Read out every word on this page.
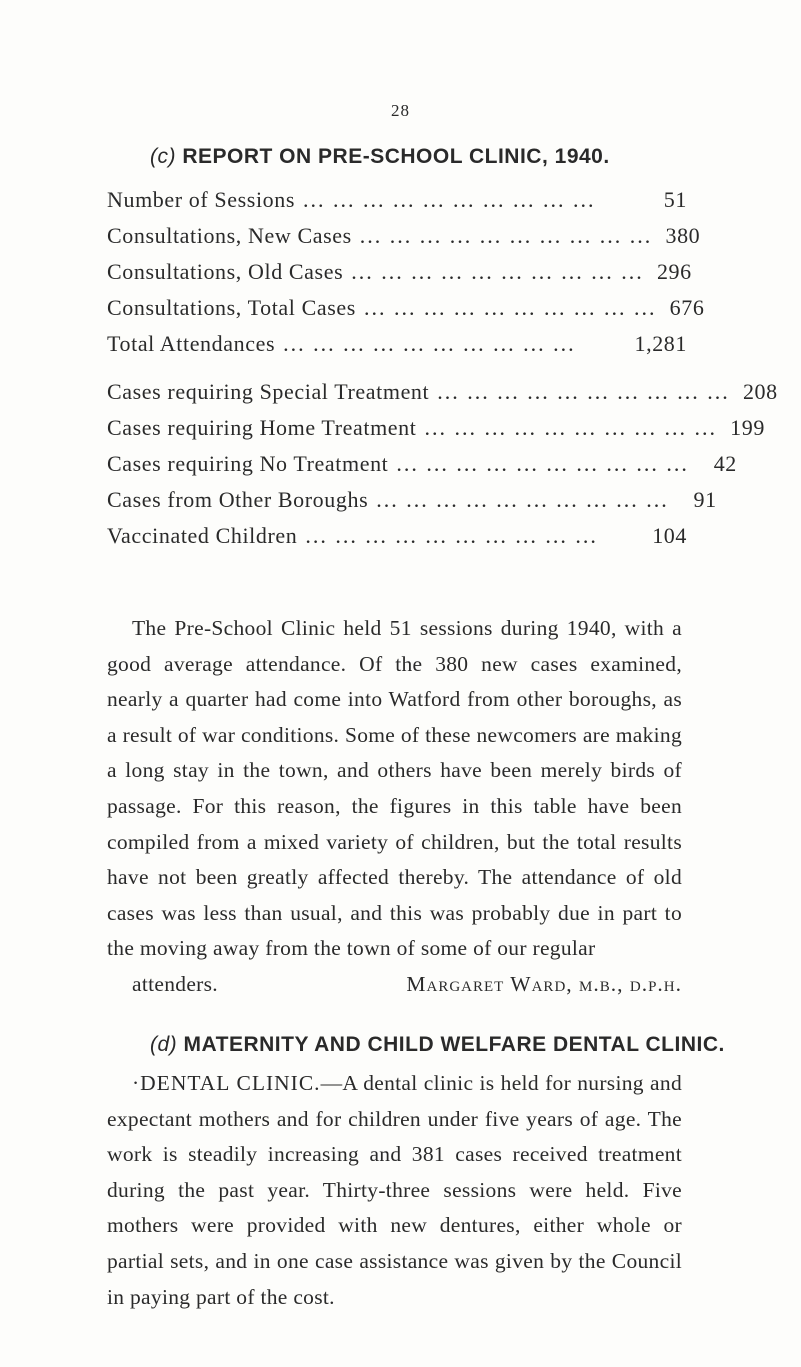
28
(c) REPORT ON PRE-SCHOOL CLINIC, 1940.
Number of Sessions ... ... ... ... ... ... ... ... ... ...	51
Consultations, New Cases ... ... ... ... ... ... ... ... ... ... 380
Consultations, Old Cases ... ... ... ... ... ... ... ... ... ... 296
Consultations, Total Cases ... ... ... ... ... ... ... ... ... ... 676
Total Attendances ... ... ... ... ... ... ... ... ... ...	1,281
Cases requiring Special Treatment ... ... ... ... ... ... ... ... ... ... 208
Cases requiring Home Treatment ... ... ... ... ... ... ... ... ... ... 199
Cases requiring No Treatment ... ... ... ... ... ... ... ... ... ...	42
Cases from Other Boroughs ... ... ... ... ... ... ... ... ... ...	91
Vaccinated Children ... ... ... ... ... ... ... ... ... ...	104
The Pre-School Clinic held 51 sessions during 1940, with a good average attendance. Of the 380 new cases examined, nearly a quarter had come into Watford from other boroughs, as a result of war conditions. Some of these newcomers are making a long stay in the town, and others have been merely birds of passage. For this reason, the figures in this table have been compiled from a mixed variety of children, but the total results have not been greatly affected thereby. The attendance of old cases was less than usual, and this was probably due in part to the moving away from the town of some of our regular
attenders.	Margaret Ward, m.b., d.p.h.
(d) MATERNITY AND CHILD WELFARE DENTAL CLINIC.

·DENTAL CLINIC.—A dental clinic is held for nursing and expectant mothers and for children under five years of age. The work is steadily increasing and 381 cases received treatment during the past year. Thirty-three sessions were held. Five mothers were provided with new dentures, either whole or partial sets, and in one case assistance was given by the Council in paying part of the cost.
